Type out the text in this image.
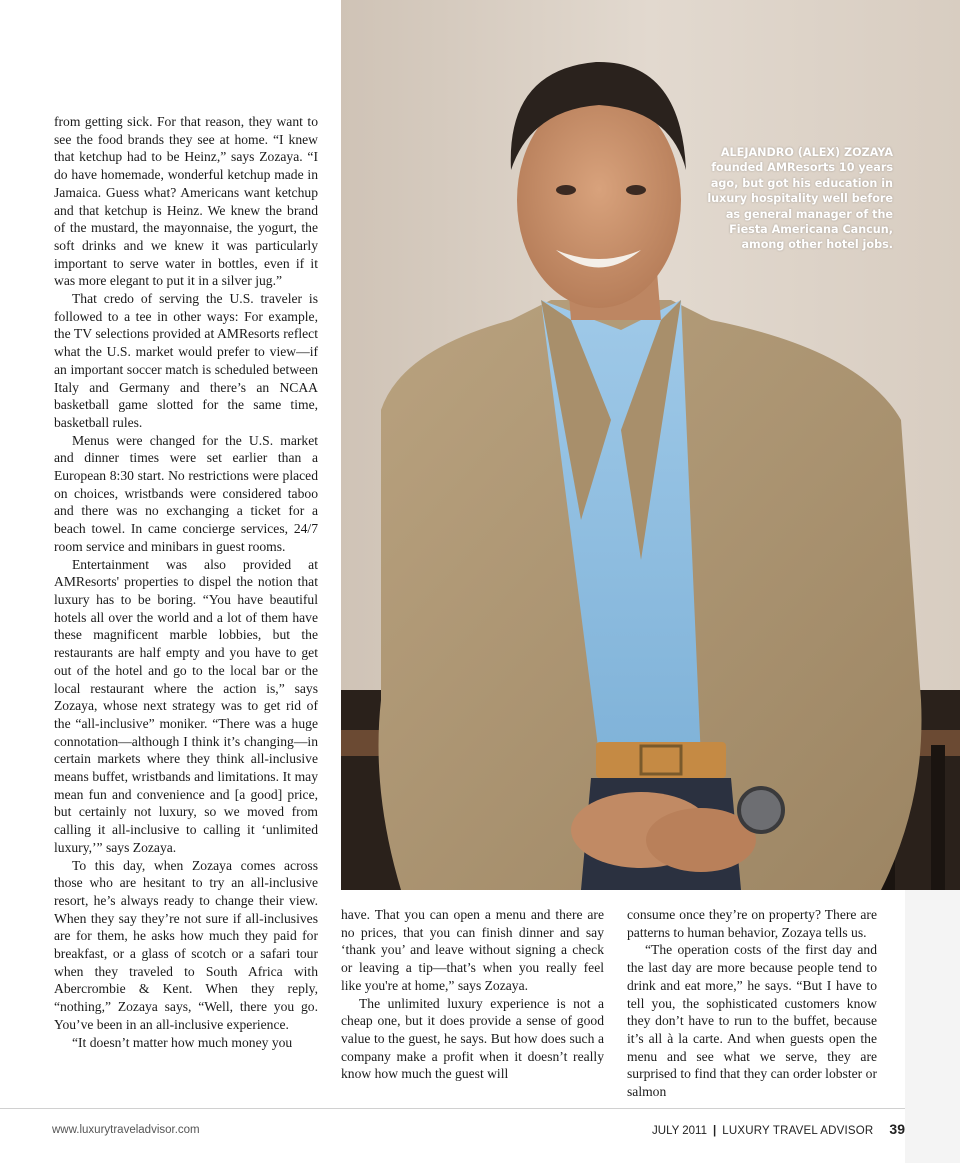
from getting sick. For that reason, they want to see the food brands they see at home. “I knew that ketchup had to be Heinz,” says Zozaya. “I do have homemade, wonderful ketchup made in Jamaica. Guess what? Americans want ketchup and that ketchup is Heinz. We knew the brand of the mustard, the mayonnaise, the yogurt, the soft drinks and we knew it was particularly important to serve water in bottles, even if it was more elegant to put it in a silver jug.”

That credo of serving the U.S. traveler is followed to a tee in other ways: For example, the TV selections provided at AMResorts reflect what the U.S. market would prefer to view—if an important soccer match is scheduled between Italy and Germany and there’s an NCAA basketball game slotted for the same time, basketball rules.

Menus were changed for the U.S. market and dinner times were set earlier than a European 8:30 start. No restrictions were placed on choices, wristbands were considered taboo and there was no exchanging a ticket for a beach towel. In came concierge services, 24/7 room service and minibars in guest rooms.

Entertainment was also provided at AMResorts' properties to dispel the notion that luxury has to be boring. “You have beautiful hotels all over the world and a lot of them have these magnificent marble lobbies, but the restaurants are half empty and you have to get out of the hotel and go to the local bar or the local restaurant where the action is,” says Zozaya, whose next strategy was to get rid of the “all-inclusive” moniker. “There was a huge connotation—although I think it’s changing—in certain markets where they think all-inclusive means buffet, wristbands and limitations. It may mean fun and convenience and [a good] price, but certainly not luxury, so we moved from calling it all-inclusive to calling it ‘unlimited luxury,’” says Zozaya.

To this day, when Zozaya comes across those who are hesitant to try an all-inclusive resort, he’s always ready to change their view. When they say they’re not sure if all-inclusives are for them, he asks how much they paid for breakfast, or a glass of scotch or a safari tour when they traveled to South Africa with Abercrombie & Kent. When they reply, “nothing,” Zozaya says, “Well, there you go. You’ve been in an all-inclusive experience.

“It doesn’t matter how much money you

ALEJANDRO (ALEX) ZOZAYA
founded AMResorts 10 years
ago, but got his education in
luxury hospitality well before
as general manager of the
Fiesta Americana Cancun,
among other hotel jobs.

have. That you can open a menu and there are no prices, that you can finish dinner and say ‘thank you’ and leave without signing a check or leaving a tip—that’s when you really feel like you're at home,” says Zozaya.

The unlimited luxury experience is not a cheap one, but it does provide a sense of good value to the guest, he says. But how does such a company make a profit when it doesn’t really know how much the guest will

consume once they’re on property? There are patterns to human behavior, Zozaya tells us.

“The operation costs of the first day and the last day are more because people tend to drink and eat more,” he says. “But I have to tell you, the sophisticated customers know they don’t have to run to the buffet, because it’s all à la carte. And when guests open the menu and see what we serve, they are surprised to find that they can order lobster or salmon

www.luxurytraveladvisor.com	JULY 2011 | LUXURY TRAVEL ADVISOR 39
